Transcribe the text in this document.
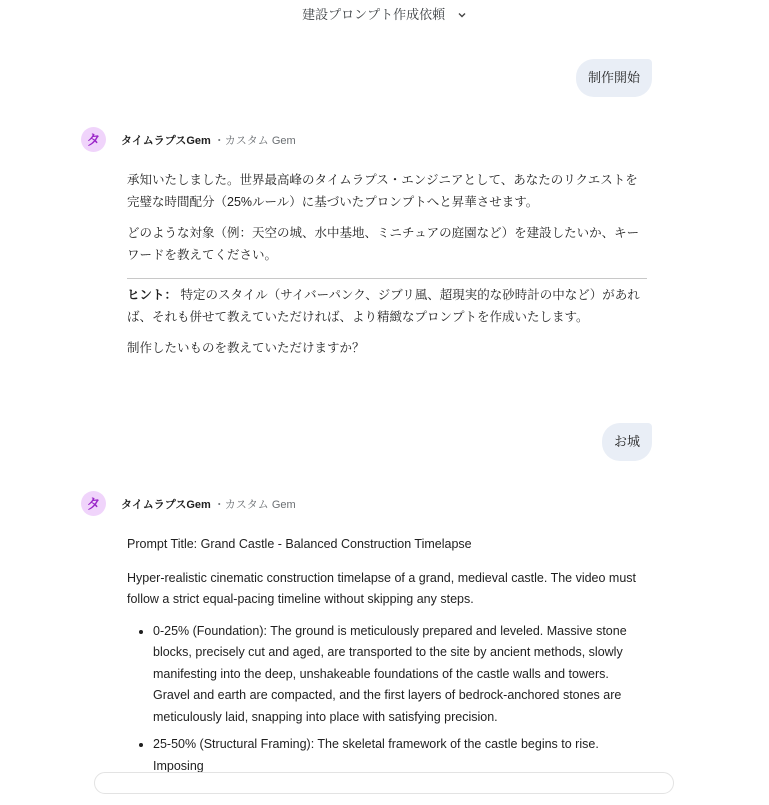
建設プロンプト作成依頼
制作開始
タ	タイムラプスGem ・カスタム Gem

承知いたしました。世界最高峰のタイムラプス・エンジニアとして、あなたのリクエストを完璧な時間配分（25%ルール）に基づいたプロンプトへと昇華させます。

どのような対象（例：天空の城、水中基地、ミニチュアの庭園など）を建設したいか、キーワードを教えてください。

ヒント： 特定のスタイル（サイバーパンク、ジブリ風、超現実的な砂時計の中など）があれば、それも併せて教えていただければ、より精緻なプロンプトを作成いたします。

制作したいものを教えていただけますか？

お城
タ	タイムラプスGem ・カスタム Gem

Prompt Title: Grand Castle - Balanced Construction Timelapse

Hyper-realistic cinematic construction timelapse of a grand, medieval castle. The video must follow a strict equal-pacing timeline without skipping any steps.

• 0-25% (Foundation): The ground is meticulously prepared and leveled. Massive stone blocks, precisely cut and aged, are transported to the site by ancient methods, slowly manifesting into the deep, unshakeable foundations of the castle walls and towers. Gravel and earth are compacted, and the first layers of bedrock-anchored stones are meticulously laid, snapping into place with satisfying precision.
• 25-50% (Structural Framing): The skeletal framework of the castle begins to rise. Imposing
